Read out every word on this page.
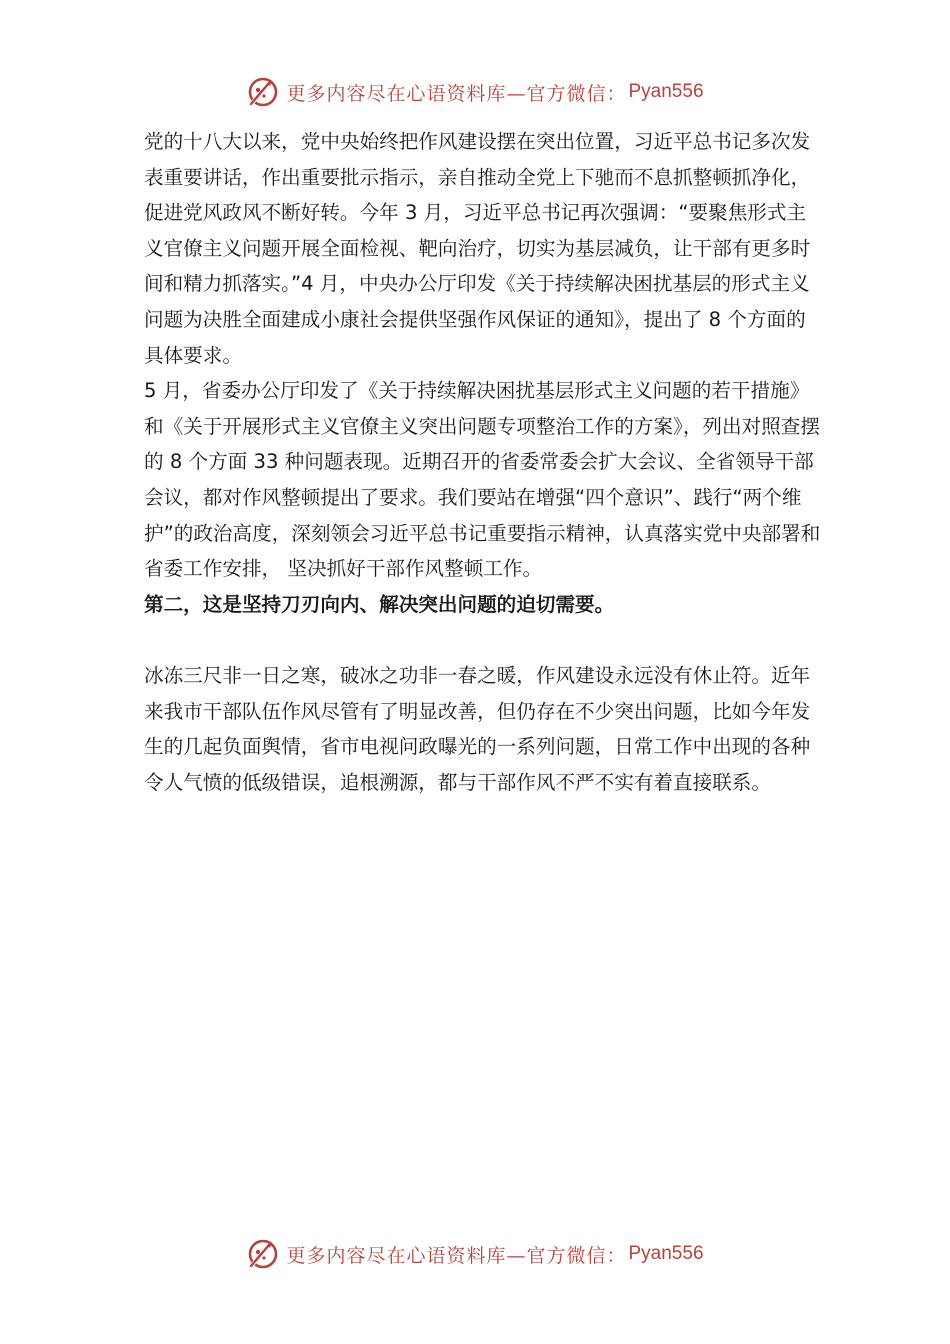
更多内容尽在心语资料库—官方微信： Pyan556

党的十八大以来，党中央始终把作风建设摆在突出位置，习近平总书记多次发表重要讲话，作出重要批示指示，亲自推动全党上下驰而不息抓整顿抓净化，促进党风政风不断好转。今年 3 月，习近平总书记再次强调：“要聚焦形式主义官僚主义问题开展全面检视、靶向治疗，切实为基层减负，让干部有更多时间和精力抓落实。”4 月，中央办公厅印发《关于持续解决困扰基层的形式主义问题为决胜全面建成小康社会提供坚强作风保证的通知》，提出了 8 个方面的具体要求。

5 月，省委办公厅印发了《关于持续解决困扰基层形式主义问题的若干措施》和《关于开展形式主义官僚主义突出问题专项整治工作的方案》，列出对照查摆的 8 个方面 33 种问题表现。近期召开的省委常委会扩大会议、全省领导干部会议，都对作风整顿提出了要求。我们要站在增强“四个意识”、践行“两个维护”的政治高度，深刻领会习近平总书记重要指示精神，认真落实党中央部署和省委工作安排， 坚决抓好干部作风整顿工作。

第二，这是坚持刀刃向内、解决突出问题的迫切需要。

冰冻三尺非一日之寒，破冰之功非一春之暖，作风建设永远没有休止符。近年来我市干部队伍作风尽管有了明显改善，但仍存在不少突出问题，比如今年发生的几起负面舆情，省市电视问政曝光的一系列问题，日常工作中出现的各种令人气愤的低级错误，追根溯源，都与干部作风不严不实有着直接联系。

更多内容尽在心语资料库—官方微信： Pyan556
